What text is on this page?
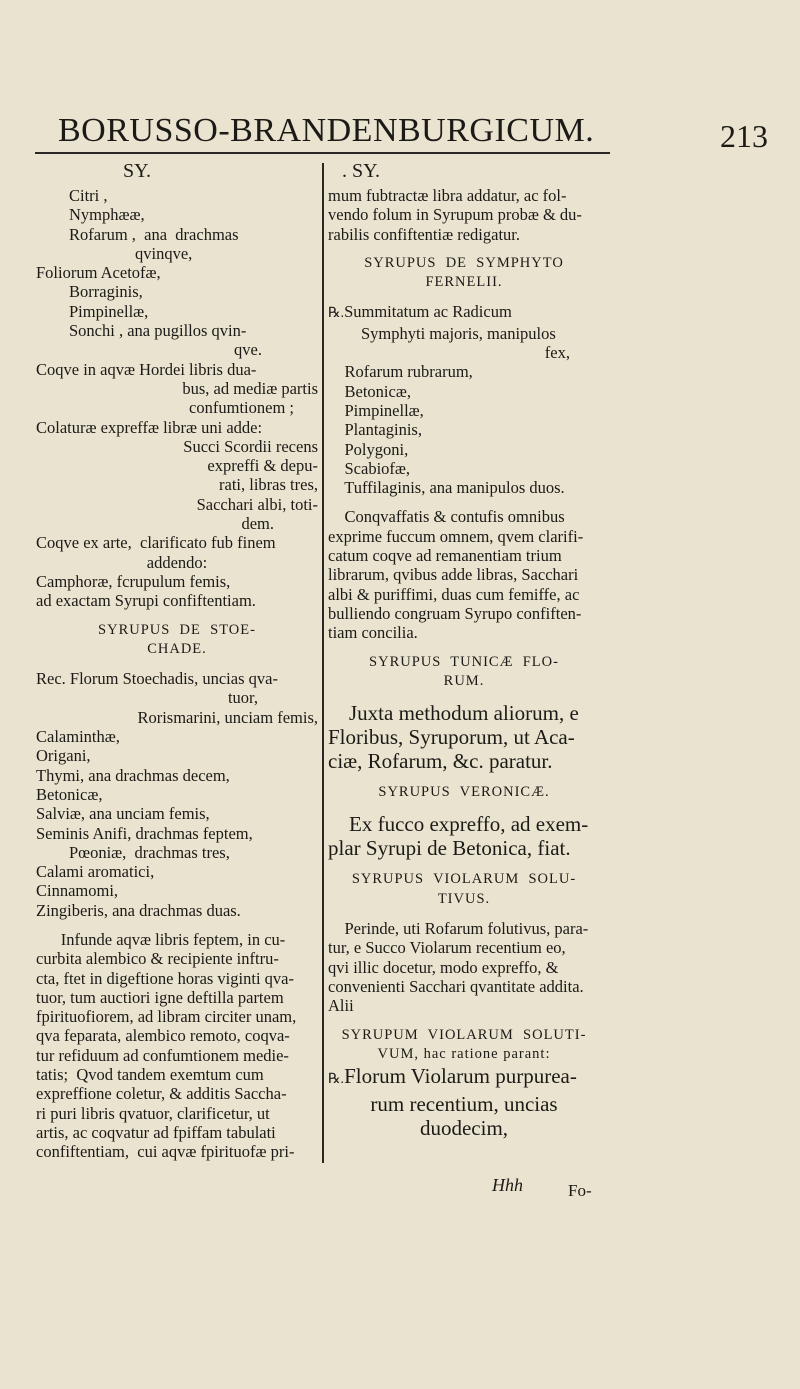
BORUSSO-BRANDENBURGICUM.	213
SY.	. SY.
Citri ,
Nymphææ,
Rofarum ,  ana  drachmas
qvinqve,
Foliorum Acetofæ,
Borraginis,
Pimpinellæ,
Sonchi , ana pugillos qvin-
qve.
Coqve in aqvæ Hordei libris dua-
bus, ad mediæ partis
confumtionem ;
Colaturæ expreffæ libræ uni adde:
Succi Scordii recens
expreffi & depu-
rati, libras tres,
Sacchari albi, toti-
dem.
Coqve ex arte,  clarificato fub finem
addendo:
Camphoræ, fcrupulum femis,
ad exactam Syrupi confiftentiam.
SYRUPUS  DE  STOE-
CHADE.
Rec. Florum Stoechadis, uncias qva-
tuor,
Rorismarini, unciam femis,
Calaminthæ,
Origani,
Thymi, ana drachmas decem,
Betonicæ,
Salviæ, ana unciam femis,
Seminis Anifi, drachmas feptem,
Pœoniæ,  drachmas tres,
Calami aromatici,
Cinnamomi,
Zingiberis, ana drachmas duas.
Infunde aqvæ libris feptem, in cu-
curbita alembico & recipiente inftru-
cta, ftet in digeftione horas viginti qva-
tuor, tum auctiori igne deftilla partem
fpirituofiorem, ad libram circiter unam,
qva feparata, alembico remoto, coqva-
tur refiduum ad confumtionem medie-
tatis;  Qvod tandem exemtum cum
expreffione coletur, & additis Saccha-
ri puri libris qvatuor, clarificetur, ut
artis, ac coqvatur ad fpiffam tabulati
confiftentiam,  cui aqvæ fpirituofæ pri-
mum fubtractæ libra addatur, ac fol-
vendo folum in Syrupum probæ & du-
rabilis confiftentiæ redigatur.
SYRUPUS  DE  SYMPHYTO
FERNELII.
℞.Summitatum ac Radicum
Symphyti majoris, manipulos
fex,
Rofarum rubrarum,
Betonicæ,
Pimpinellæ,
Plantaginis,
Polygoni,
Scabiofæ,
Tuffilaginis, ana manipulos duos.
Conqvaffatis & contufis omnibus
exprime fuccum omnem, qvem clarifi-
catum coqve ad remanentiam trium
librarum, qvibus adde libras, Sacchari
albi & puriffimi, duas cum femiffe, ac
bulliendo congruam Syrupo confiften-
tiam concilia.
SYRUPUS  TUNICÆ  FLO-
RUM.
Juxta methodum aliorum, e
Floribus, Syruporum, ut Aca-
ciæ, Rofarum, &c. paratur.
SYRUPUS  VERONICÆ.
Ex fucco expreffo, ad exem-
plar Syrupi de Betonica, fiat.
SYRUPUS  VIOLARUM  SOLU-
TIVUS.
Perinde, uti Rofarum folutivus, para-
tur, e Succo Violarum recentium eo,
qvi illic docetur, modo expreffo, &
convenienti Sacchari qvantitate addita.
Alii
SYRUPUM  VIOLARUM  SOLUTI-
VUM, hac ratione parant:
℞.Florum Violarum purpurea-
rum recentium, uncias
duodecim,
Hhh	Fo-
